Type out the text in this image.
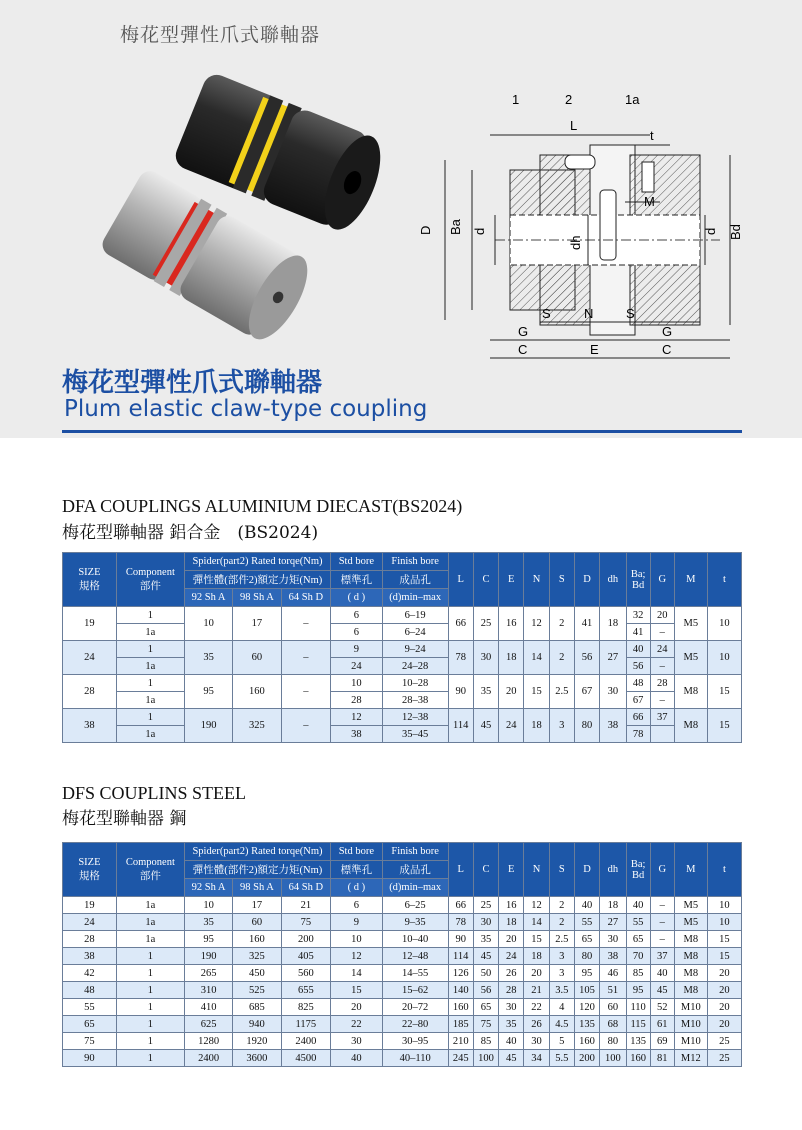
梅花型彈性爪式聯軸器
1	2	1a
L
t
M
D Ba d
dh
d Bd
S	N	S
G	G
C	E	C
梅花型彈性爪式聯軸器
Plum elastic claw-type coupling
DFA COUPLINGS ALUMINIUM DIECAST(BS2024)
梅花型聯軸器 鋁合金　(BS2024)
SIZE
規格	Component
部件	Spider(part2) Rated torqe(Nm)			Std bore	Finish bore	L	C	E	N	S	D	dh	Ba;
Bd	G	M	t
		彈性體(部件2)額定力矩(Nm)			標準孔	成品孔											
		92 Sh A	98 Sh A	64 Sh D	( d )	(d)min–max											
19	1	10	17	–	6	6–19	66	25	16	12	2	41	18	32	20	M5	10
	1a				6	6–24								41	–		
24	1	35	60	–	9	9–24	78	30	18	14	2	56	27	40	24	M5	10
	1a				24	24–28								56	–		
28	1	95	160	–	10	10–28	90	35	20	15	2.5	67	30	48	28	M8	15
	1a				28	28–38								67	–		
38	1	190	325	–	12	12–38	114	45	24	18	3	80	38	66	37	M8	15
	1a				38	35–45								78			
DFS COUPLINS STEEL
梅花型聯軸器 鋼
SIZE
規格	Component
部件	Spider(part2) Rated torqe(Nm)			Std bore	Finish bore	L	C	E	N	S	D	dh	Ba;
Bd	G	M	t
		彈性體(部件2)額定力矩(Nm)			標準孔	成品孔											
		92 Sh A	98 Sh A	64 Sh D	( d )	(d)min–max											
19	1a	10	17	21	6	6–25	66	25	16	12	2	40	18	40	–	M5	10
24	1a	35	60	75	9	9–35	78	30	18	14	2	55	27	55	–	M5	10
28	1a	95	160	200	10	10–40	90	35	20	15	2.5	65	30	65	–	M8	15
38	1	190	325	405	12	12–48	114	45	24	18	3	80	38	70	37	M8	15
42	1	265	450	560	14	14–55	126	50	26	20	3	95	46	85	40	M8	20
48	1	310	525	655	15	15–62	140	56	28	21	3.5	105	51	95	45	M8	20
55	1	410	685	825	20	20–72	160	65	30	22	4	120	60	110	52	M10	20
65	1	625	940	1175	22	22–80	185	75	35	26	4.5	135	68	115	61	M10	20
75	1	1280	1920	2400	30	30–95	210	85	40	30	5	160	80	135	69	M10	25
90	1	2400	3600	4500	40	40–110	245	100	45	34	5.5	200	100	160	81	M12	25
